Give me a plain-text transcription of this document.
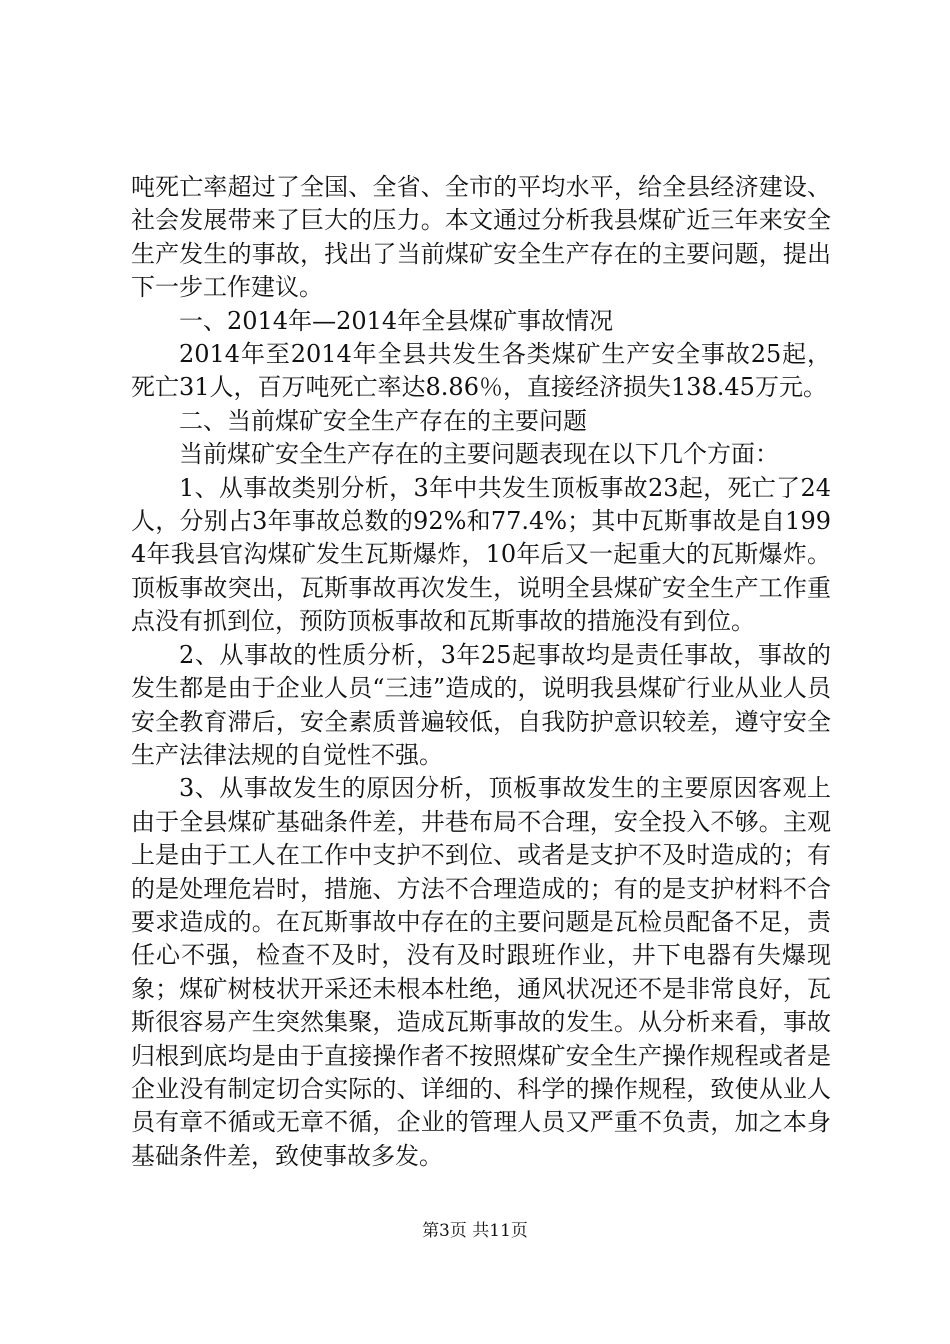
吨死亡率超过了全国、全省、全市的平均水平，给全县经济建设、社会发展带来了巨大的压力。本文通过分析我县煤矿近三年来安全生产发生的事故，找出了当前煤矿安全生产存在的主要问题，提出下一步工作建议。

一、2014年—2014年全县煤矿事故情况

2014年至2014年全县共发生各类煤矿生产安全事故25起，死亡31人，百万吨死亡率达8.86％，直接经济损失138.45万元。

二、当前煤矿安全生产存在的主要问题

当前煤矿安全生产存在的主要问题表现在以下几个方面：

1、从事故类别分析，3年中共发生顶板事故23起，死亡了24人，分别占3年事故总数的92%和77.4%；其中瓦斯事故是自1994年我县官沟煤矿发生瓦斯爆炸，10年后又一起重大的瓦斯爆炸。顶板事故突出，瓦斯事故再次发生，说明全县煤矿安全生产工作重点没有抓到位，预防顶板事故和瓦斯事故的措施没有到位。

2、从事故的性质分析，3年25起事故均是责任事故，事故的发生都是由于企业人员“三违”造成的，说明我县煤矿行业从业人员安全教育滞后，安全素质普遍较低，自我防护意识较差，遵守安全生产法律法规的自觉性不强。

3、从事故发生的原因分析，顶板事故发生的主要原因客观上由于全县煤矿基础条件差，井巷布局不合理，安全投入不够。主观上是由于工人在工作中支护不到位、或者是支护不及时造成的；有的是处理危岩时，措施、方法不合理造成的；有的是支护材料不合要求造成的。在瓦斯事故中存在的主要问题是瓦检员配备不足，责任心不强，检查不及时，没有及时跟班作业，井下电器有失爆现象；煤矿树枝状开采还未根本杜绝，通风状况还不是非常良好，瓦斯很容易产生突然集聚，造成瓦斯事故的发生。从分析来看，事故归根到底均是由于直接操作者不按照煤矿安全生产操作规程或者是企业没有制定切合实际的、详细的、科学的操作规程，致使从业人员有章不循或无章不循，企业的管理人员又严重不负责，加之本身基础条件差，致使事故多发。

第3页 共11页
